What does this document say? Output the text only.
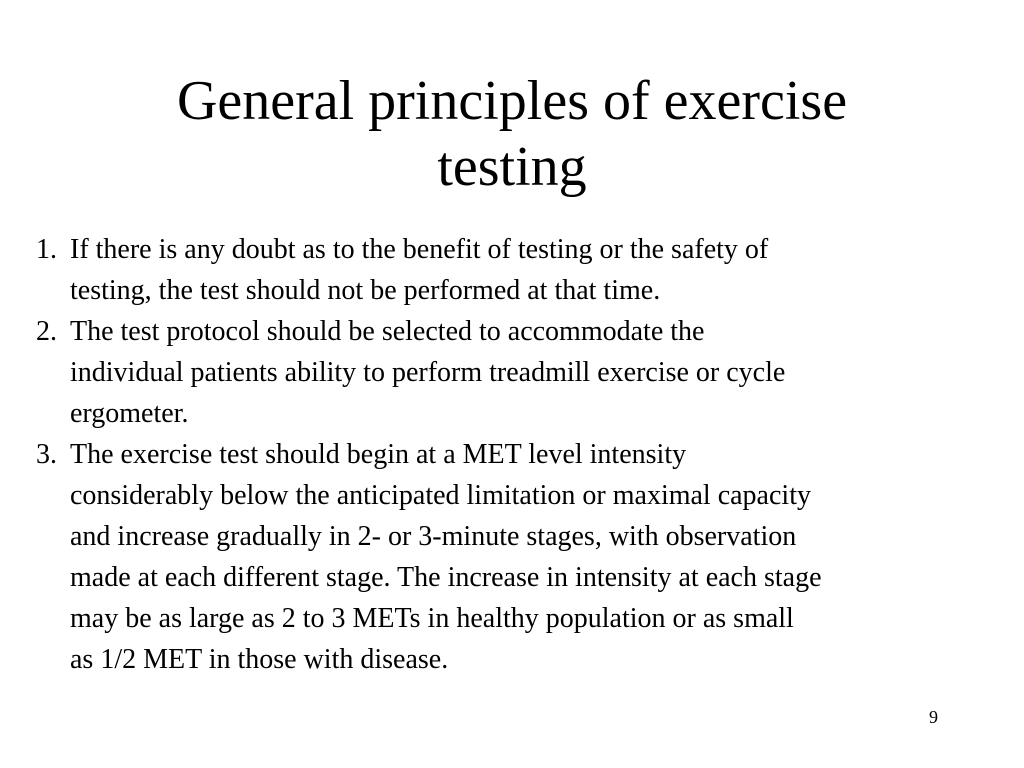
General principles of exercise
testing
1. If there is any doubt as to the benefit of testing or the safety of
testing, the test should not be performed at that time.
2. The test protocol should be selected to accommodate the
individual patients ability to perform treadmill exercise or cycle
ergometer.
3. The exercise test should begin at a MET level intensity
considerably below the anticipated limitation or maximal capacity
and increase gradually in 2- or 3-minute stages, with observation
made at each different stage. The increase in intensity at each stage
may be as large as 2 to 3 METs in healthy population or as small
as 1/2 MET in those with disease.
9
